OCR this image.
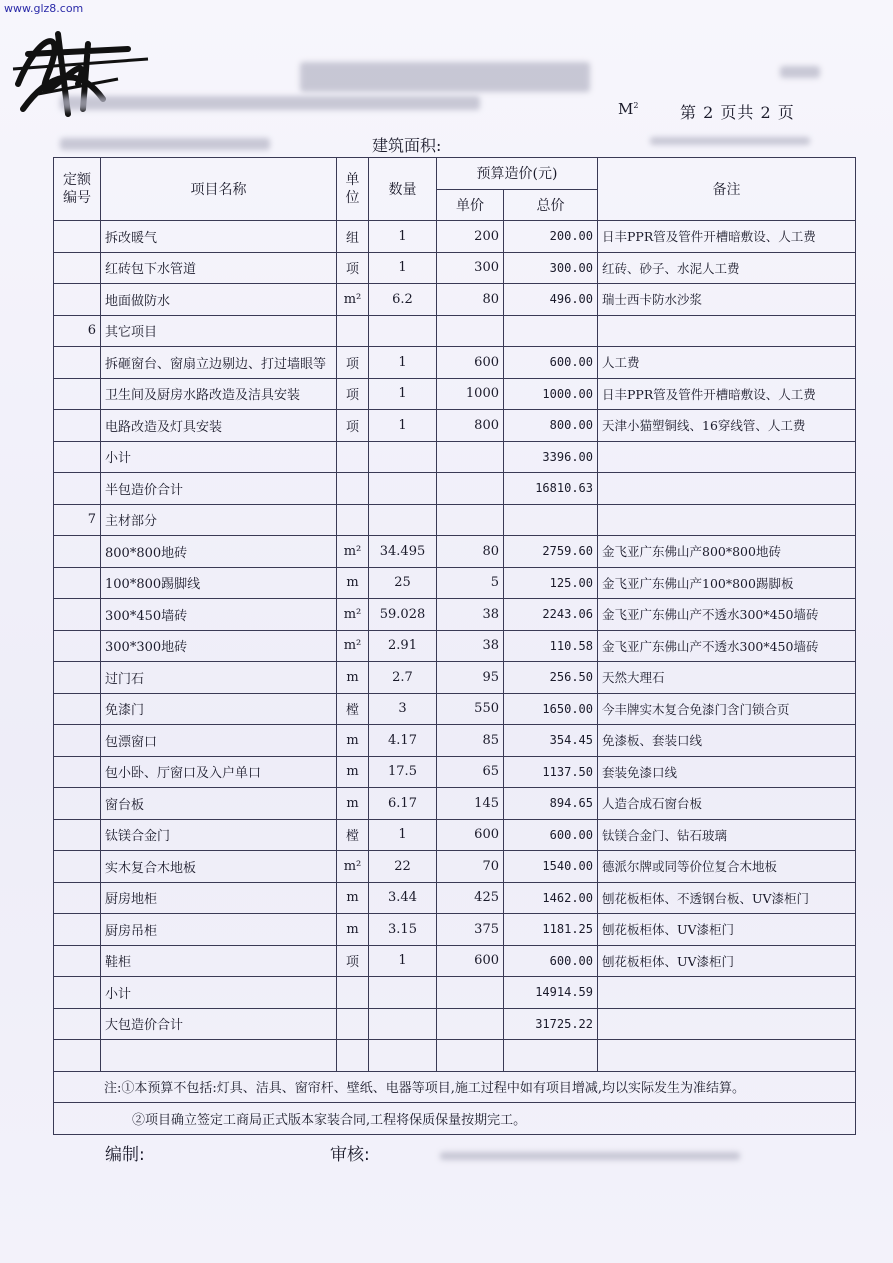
www.glz8.com
$M^2$	第 2 页共 2 页
建筑面积:
定额编号	项目名称	单位	数量	预算造价(元)		备注
				单价	总价	
	拆改暖气	组	1	200	200.00	日丰PPR管及管件开槽暗敷设、人工费
	红砖包下水管道	项	1	300	300.00	红砖、砂子、水泥人工费
	地面做防水	m²	6.2	80	496.00	瑞士西卡防水沙浆
6	其它项目					
	拆砸窗台、窗扇立边剔边、打过墙眼等	项	1	600	600.00	人工费
	卫生间及厨房水路改造及洁具安装	项	1	1000	1000.00	日丰PPR管及管件开槽暗敷设、人工费
	电路改造及灯具安装	项	1	800	800.00	天津小猫塑铜线、16穿线管、人工费
	小计				3396.00	
	半包造价合计				16810.63	
7	主材部分					
	800*800地砖	m²	34.495	80	2759.60	金飞亚广东佛山产800*800地砖
	100*800踢脚线	m	25	5	125.00	金飞亚广东佛山产100*800踢脚板
	300*450墙砖	m²	59.028	38	2243.06	金飞亚广东佛山产不透水300*450墙砖
	300*300地砖	m²	2.91	38	110.58	金飞亚广东佛山产不透水300*450墙砖
	过门石	m	2.7	95	256.50	天然大理石
	免漆门	樘	3	550	1650.00	今丰牌实木复合免漆门含门锁合页
	包漂窗口	m	4.17	85	354.45	免漆板、套装口线
	包小卧、厅窗口及入户单口	m	17.5	65	1137.50	套装免漆口线
	窗台板	m	6.17	145	894.65	人造合成石窗台板
	钛镁合金门	樘	1	600	600.00	钛镁合金门、钻石玻璃
	实木复合木地板	m²	22	70	1540.00	德派尔牌或同等价位复合木地板
	厨房地柜	m	3.44	425	1462.00	刨花板柜体、不透钢台板、UV漆柜门
	厨房吊柜	m	3.15	375	1181.25	刨花板柜体、UV漆柜门
	鞋柜	项	1	600	600.00	刨花板柜体、UV漆柜门
	小计				14914.59	
	大包造价合计				31725.22	

注:①本预算不包括:灯具、洁具、窗帘杆、壁纸、电器等项目,施工过程中如有项目增减,均以实际发生为准结算。						
②项目确立签定工商局正式版本家装合同,工程将保质保量按期完工。						
编制:	审核:
